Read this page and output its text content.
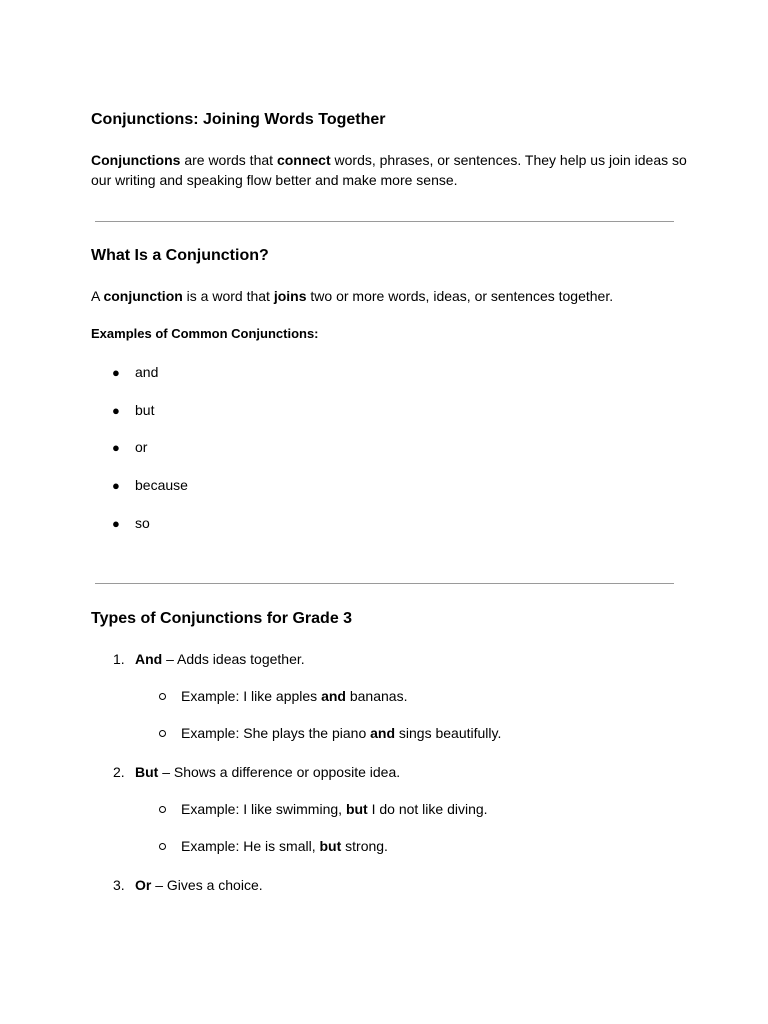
Conjunctions: Joining Words Together
Conjunctions are words that connect words, phrases, or sentences. They help us join ideas so
our writing and speaking flow better and make more sense.
What Is a Conjunction?
A conjunction is a word that joins two or more words, ideas, or sentences together.
Examples of Common Conjunctions:
● and
● but
● or
● because
● so
Types of Conjunctions for Grade 3
1. And – Adds ideas together.
Example: I like apples and bananas.
Example: She plays the piano and sings beautifully.
2. But – Shows a difference or opposite idea.
Example: I like swimming, but I do not like diving.
Example: He is small, but strong.
3. Or – Gives a choice.
